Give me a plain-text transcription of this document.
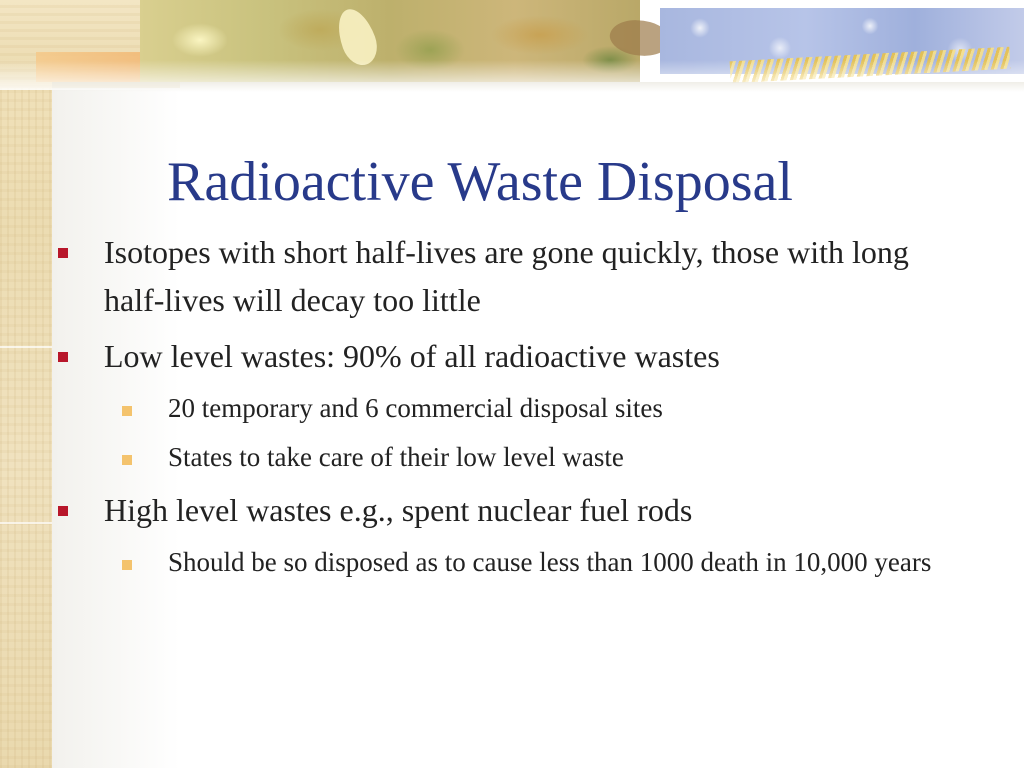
Radioactive Waste Disposal
Isotopes with short half-lives are gone quickly, those with long half-lives will decay too little
Low level wastes: 90% of all radioactive wastes
20 temporary and 6 commercial disposal sites
States to take care of their low level waste
High level wastes e.g., spent nuclear fuel rods
Should be so disposed as to cause less than 1000 death in 10,000 years
